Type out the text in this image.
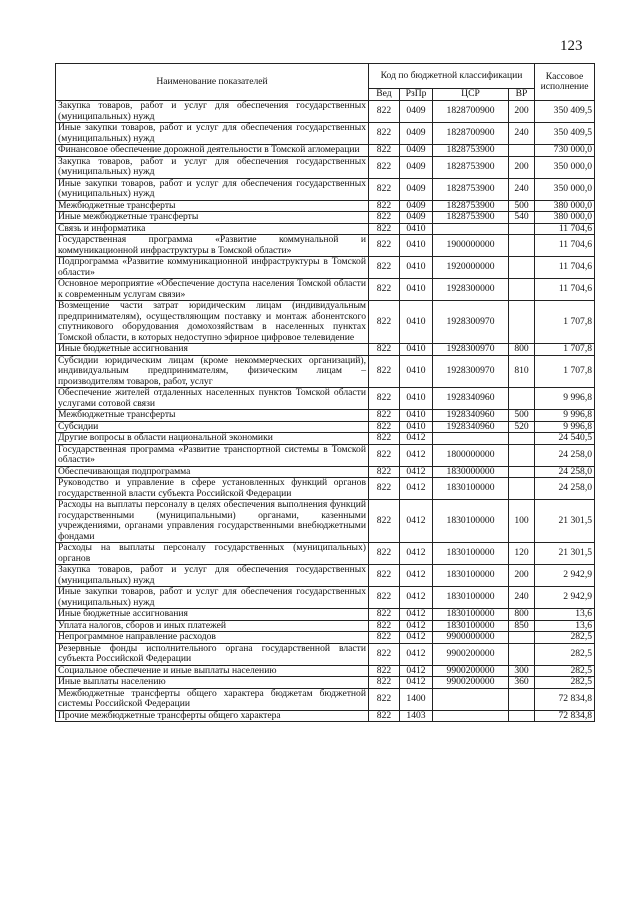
123
Наименование показателей	Код по бюджетной классификации				Кассовое исполнение
	Вед	РзПр	ЦСР	ВР	
Закупка товаров, работ и услуг для обеспечения государственных (муниципальных) нужд	822	0409	1828700900	200	350 409,5
Иные закупки товаров, работ и услуг для обеспечения государственных (муниципальных) нужд	822	0409	1828700900	240	350 409,5
Финансовое обеспечение дорожной деятельности в Томской агломерации	822	0409	1828753900		730 000,0
Закупка товаров, работ и услуг для обеспечения государственных (муниципальных) нужд	822	0409	1828753900	200	350 000,0
Иные закупки товаров, работ и услуг для обеспечения государственных (муниципальных) нужд	822	0409	1828753900	240	350 000,0
Межбюджетные трансферты	822	0409	1828753900	500	380 000,0
Иные межбюджетные трансферты	822	0409	1828753900	540	380 000,0
Связь и информатика	822	0410			11 704,6
Государственная программа «Развитие коммунальной и коммуникационной инфраструктуры в Томской области»	822	0410	1900000000		11 704,6
Подпрограмма «Развитие коммуникационной инфраструктуры в Томской области»	822	0410	1920000000		11 704,6
Основное мероприятие «Обеспечение доступа населения Томской области к современным услугам связи»	822	0410	1928300000		11 704,6
Возмещение части затрат юридическим лицам (индивидуальным предпринимателям), осуществляющим поставку и монтаж абонентского спутникового оборудования домохозяйствам в населенных пунктах Томской области, в которых недоступно эфирное цифровое телевидение	822	0410	1928300970		1 707,8
Иные бюджетные ассигнования	822	0410	1928300970	800	1 707,8
Субсидии юридическим лицам (кроме некоммерческих организаций), индивидуальным предпринимателям, физическим лицам – производителям товаров, работ, услуг	822	0410	1928300970	810	1 707,8
Обеспечение жителей отдаленных населенных пунктов Томской области услугами сотовой связи	822	0410	1928340960		9 996,8
Межбюджетные трансферты	822	0410	1928340960	500	9 996,8
Субсидии	822	0410	1928340960	520	9 996,8
Другие вопросы в области национальной экономики	822	0412			24 540,5
Государственная программа «Развитие транспортной системы в Томской области»	822	0412	1800000000		24 258,0
Обеспечивающая подпрограмма	822	0412	1830000000		24 258,0
Руководство и управление в сфере установленных функций органов государственной власти субъекта Российской Федерации	822	0412	1830100000		24 258,0
Расходы на выплаты персоналу в целях обеспечения выполнения функций государственными (муниципальными) органами, казенными учреждениями, органами управления государственными внебюджетными фондами	822	0412	1830100000	100	21 301,5
Расходы на выплаты персоналу государственных (муниципальных) органов	822	0412	1830100000	120	21 301,5
Закупка товаров, работ и услуг для обеспечения государственных (муниципальных) нужд	822	0412	1830100000	200	2 942,9
Иные закупки товаров, работ и услуг для обеспечения государственных (муниципальных) нужд	822	0412	1830100000	240	2 942,9
Иные бюджетные ассигнования	822	0412	1830100000	800	13,6
Уплата налогов, сборов и иных платежей	822	0412	1830100000	850	13,6
Непрограммное направление расходов	822	0412	9900000000		282,5
Резервные фонды исполнительного органа государственной власти субъекта Российской Федерации	822	0412	9900200000		282,5
Социальное обеспечение и иные выплаты населению	822	0412	9900200000	300	282,5
Иные выплаты населению	822	0412	9900200000	360	282,5
Межбюджетные трансферты общего характера бюджетам бюджетной системы Российской Федерации	822	1400			72 834,8
Прочие межбюджетные трансферты общего характера	822	1403			72 834,8
